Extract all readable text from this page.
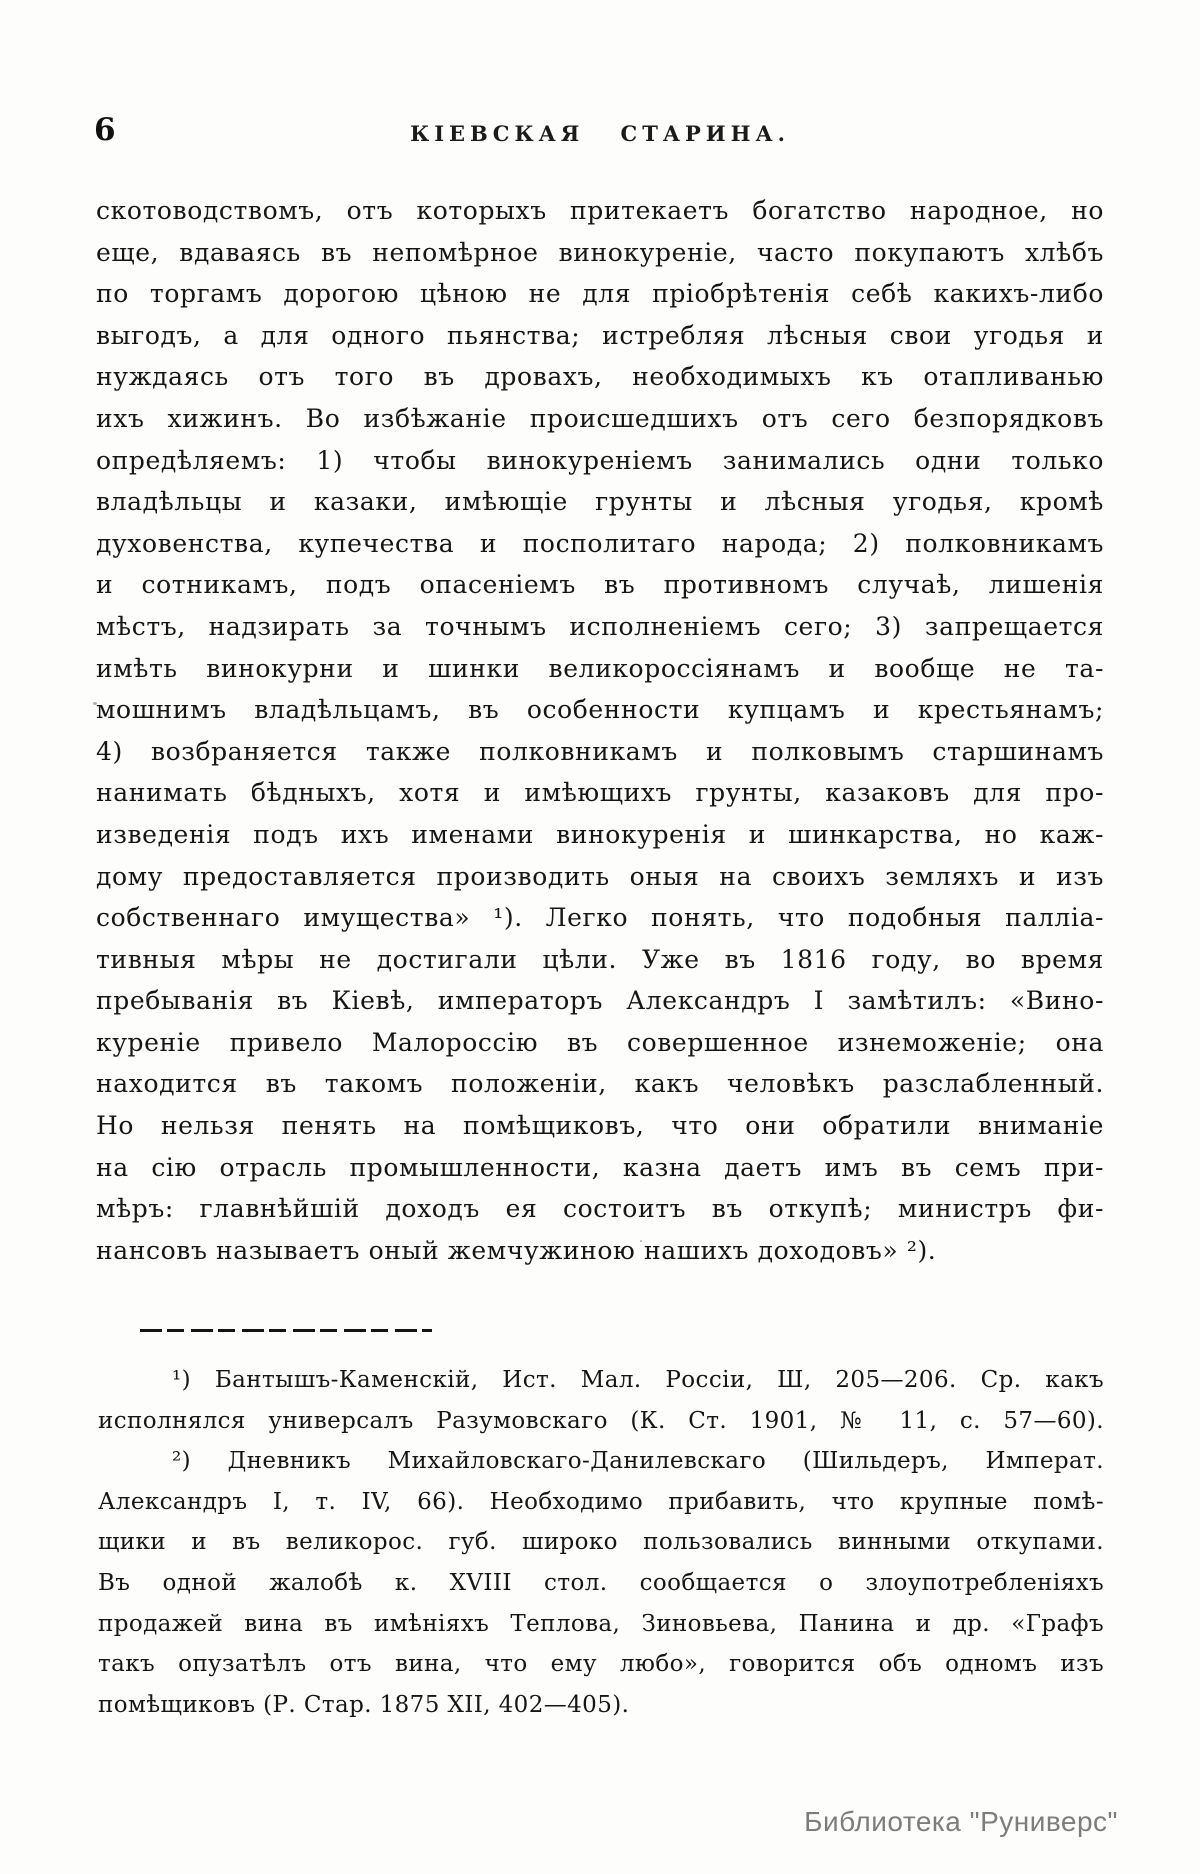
6	КІЕВСКАЯ СТАРИНА.
скотоводствомъ, отъ которыхъ притекаетъ богатство народное, но
еще, вдаваясь въ непомѣрное винокуреніе, часто покупаютъ хлѣбъ
по торгамъ дорогою цѣною не для пріобрѣтенія себѣ какихъ-либо
выгодъ, а для одного пьянства; истребляя лѣсныя свои угодья и
нуждаясь отъ того въ дровахъ, необходимыхъ къ отапливанью
ихъ хижинъ. Во избѣжаніе происшедшихъ отъ сего безпорядковъ
опредѣляемъ: 1) чтобы винокуреніемъ занимались одни только
владѣльцы и казаки, имѣющіе грунты и лѣсныя угодья, кромѣ
духовенства, купечества и посполитаго народа; 2) полковникамъ
и сотникамъ, подъ опасеніемъ въ противномъ случаѣ, лишенія
мѣстъ, надзирать за точнымъ исполненіемъ сего; 3) запрещается
имѣть винокурни и шинки великороссіянамъ и вообще не та-
мошнимъ владѣльцамъ, въ особенности купцамъ и крестьянамъ;
4) возбраняется также полковникамъ и полковымъ старшинамъ
нанимать бѣдныхъ, хотя и имѣющихъ грунты, казаковъ для про-
изведенія подъ ихъ именами винокуренія и шинкарства, но каж-
дому предоставляется производить оныя на своихъ земляхъ и изъ
собственнаго имущества» ¹). Легко понять, что подобныя палліа-
тивныя мѣры не достигали цѣли. Уже въ 1816 году, во время
пребыванія въ Кіевѣ, императоръ Александръ I замѣтилъ: «Вино-
куреніе привело Малороссію въ совершенное изнеможеніе; она
находится въ такомъ положеніи, какъ человѣкъ разслабленный.
Но нельзя пенять на помѣщиковъ, что они обратили вниманіе
на сію отрасль промышленности, казна даетъ имъ въ семъ при-
мѣръ: главнѣйшій доходъ ея состоитъ въ откупѣ; министръ фи-
нансовъ называетъ оный жемчужиною нашихъ доходовъ» ²).
¹) Бантышъ-Каменскій, Ист. Мал. Россіи, Ш, 205—206. Ср. какъ
исполнялся универсалъ Разумовскаго (К. Ст. 1901, № 11, с. 57—60).
²) Дневникъ Михайловскаго-Данилевскаго (Шильдеръ, Императ.
Александръ I, т. IV, 66). Необходимо прибавить, что крупные помѣ-
щики и въ великорос. губ. широко пользовались винными откупами.
Въ одной жалобѣ к. XVIII стол. сообщается о злоупотребленіяхъ
продажей вина въ имѣніяхъ Теплова, Зиновьева, Панина и др. «Графъ
такъ опузатѣлъ отъ вина, что ему любо», говорится объ одномъ изъ
помѣщиковъ (Р. Стар. 1875 XII, 402—405).
Библиотека "Руниверс"
